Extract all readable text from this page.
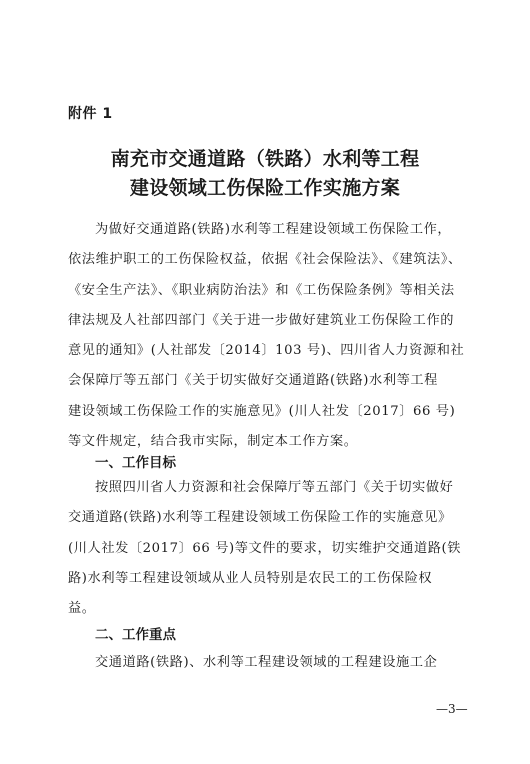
附件 1
南充市交通道路（铁路）水利等工程
建设领域工伤保险工作实施方案
为做好交通道路(铁路)水利等工程建设领域工伤保险工作，
依法维护职工的工伤保险权益，依据《社会保险法》、《建筑法》、
《安全生产法》、《职业病防治法》和《工伤保险条例》等相关法
律法规及人社部四部门《关于进一步做好建筑业工伤保险工作的
意见的通知》(人社部发〔2014〕103 号)、四川省人力资源和社
会保障厅等五部门《关于切实做好交通道路(铁路)水利等工程
建设领域工伤保险工作的实施意见》(川人社发〔2017〕66 号)
等文件规定，结合我市实际，制定本工作方案。
一、工作目标
按照四川省人力资源和社会保障厅等五部门《关于切实做好
交通道路(铁路)水利等工程建设领域工伤保险工作的实施意见》
(川人社发〔2017〕66 号)等文件的要求，切实维护交通道路(铁
路)水利等工程建设领域从业人员特别是农民工的工伤保险权
益。
二、工作重点
交通道路(铁路)、水利等工程建设领域的工程建设施工企
—3—
